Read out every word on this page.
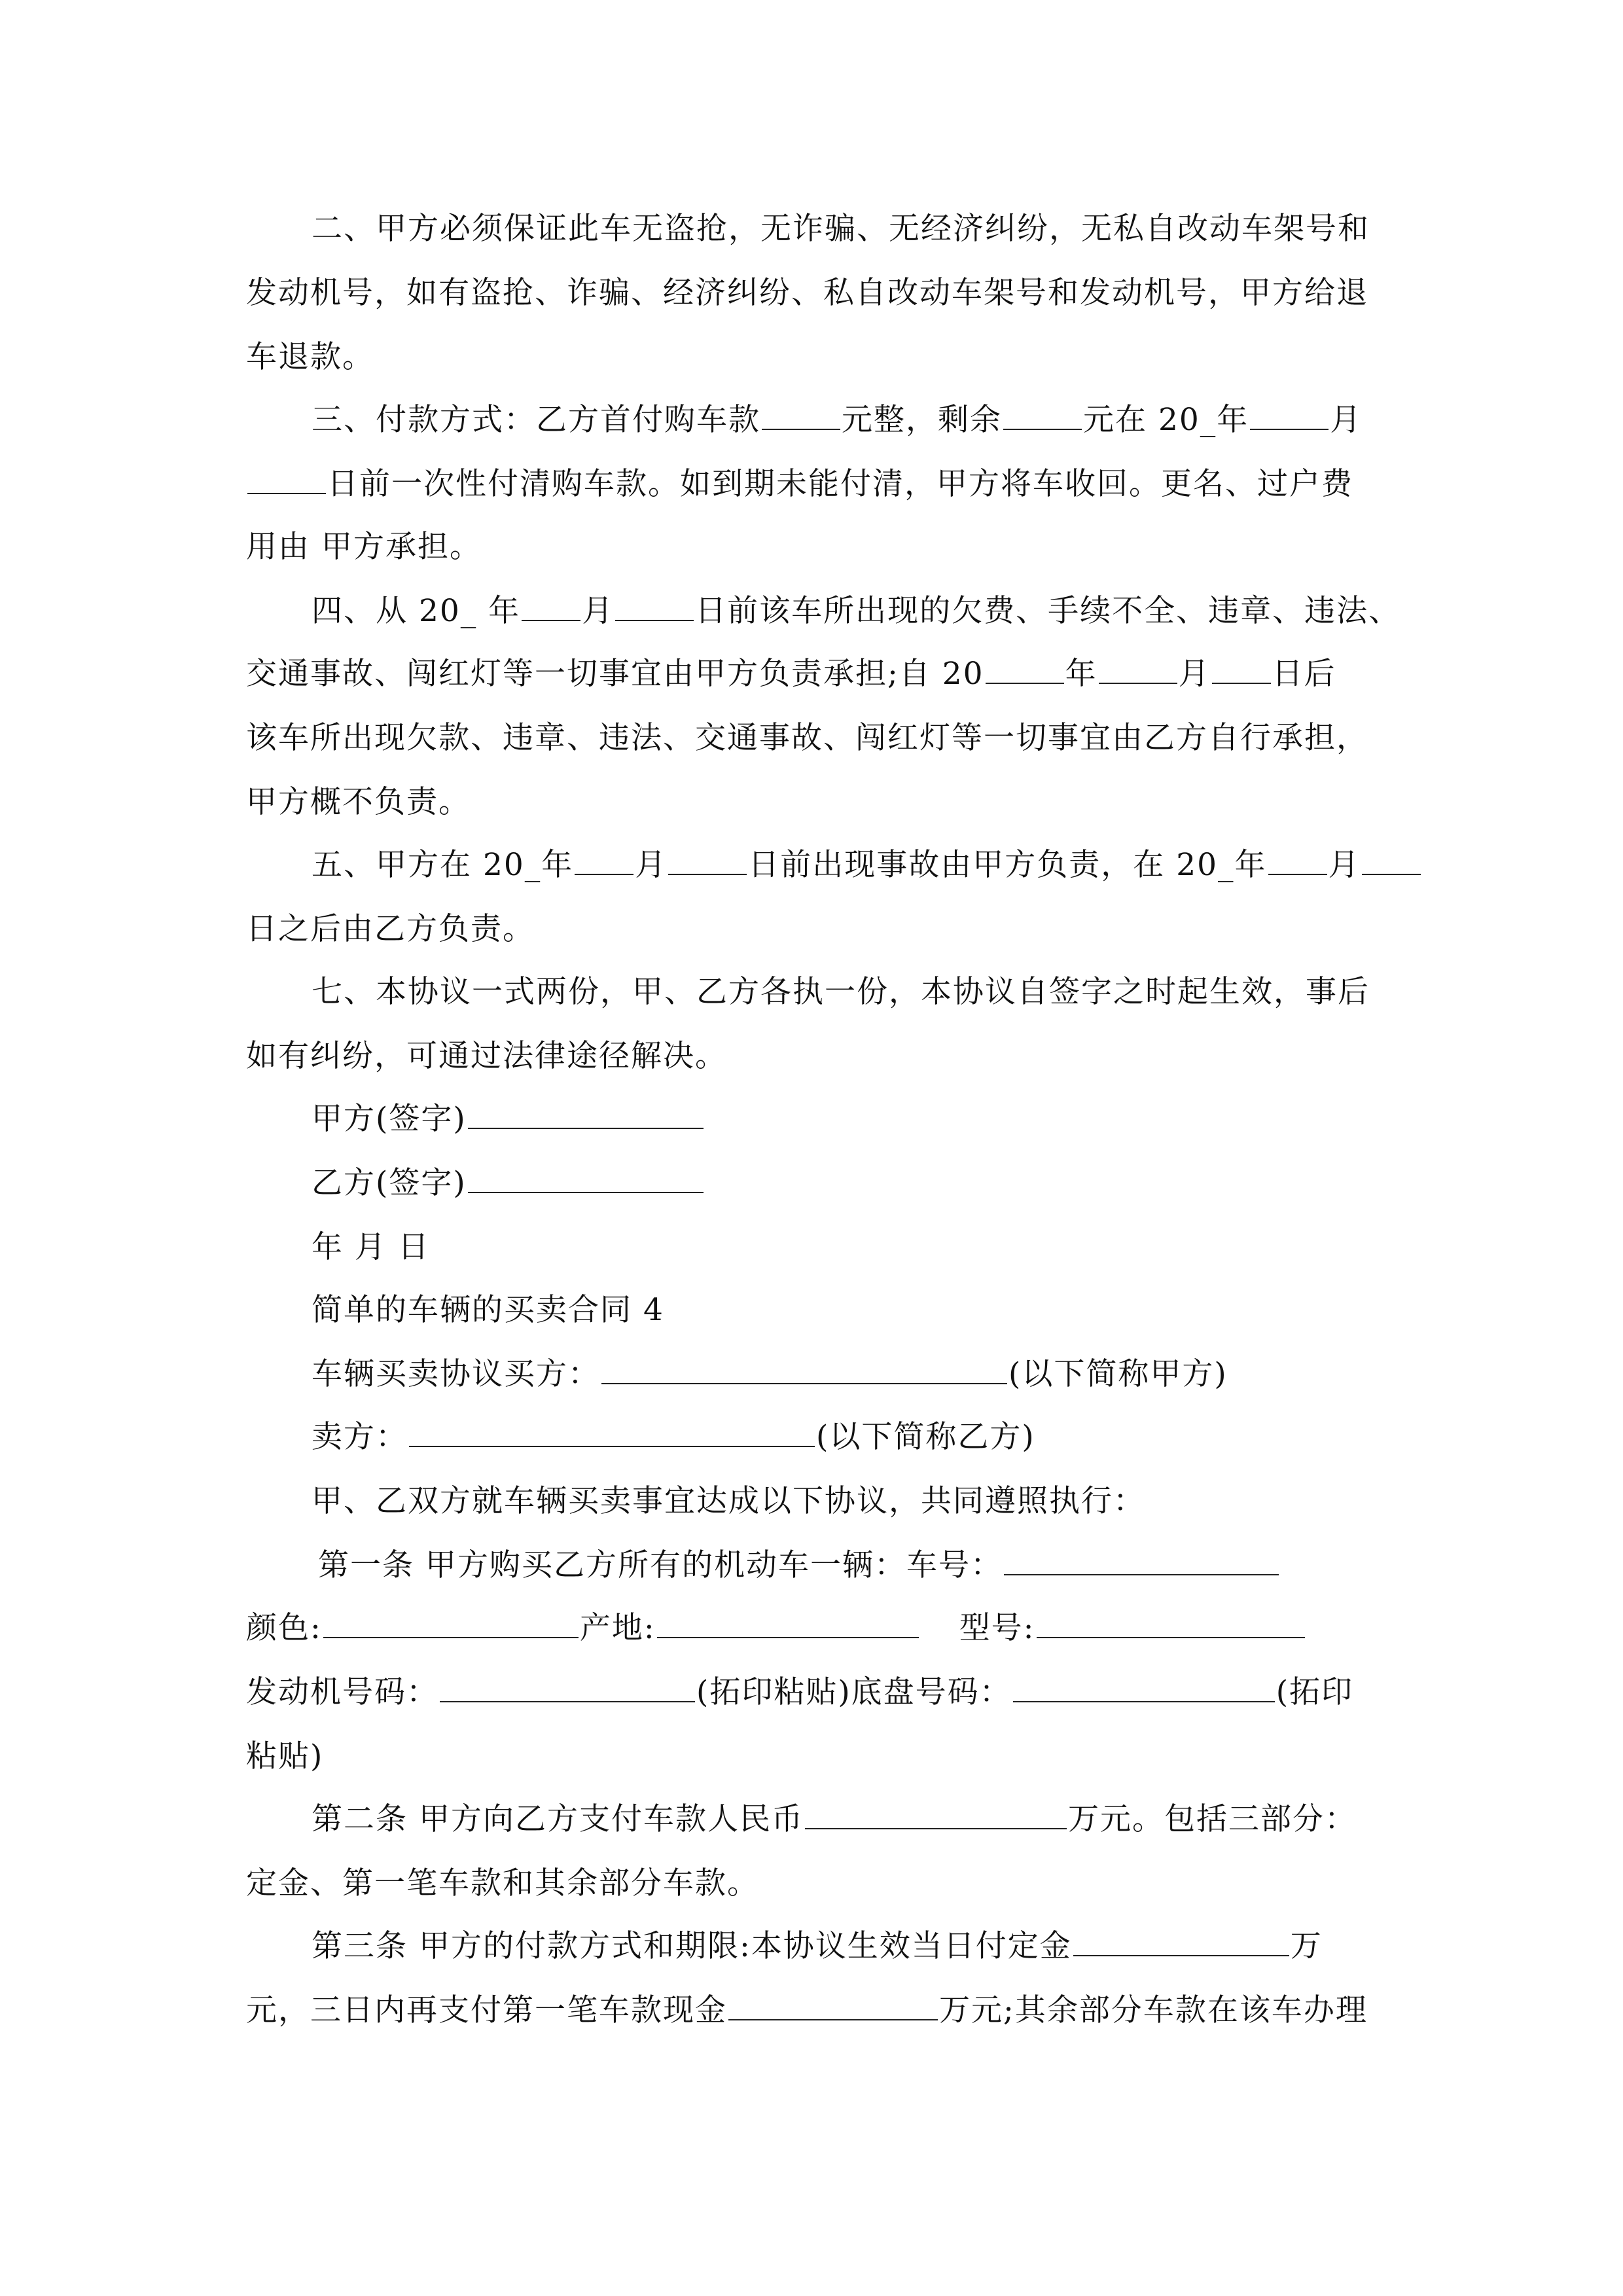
二、甲方必须保证此车无盗抢，无诈骗、无经济纠纷，无私自改动车架号和
发动机号，如有盗抢、诈骗、经济纠纷、私自改动车架号和发动机号，甲方给退
车退款。
三、付款方式：乙方首付购车款	元整，剩余	元在 20_年	月
日前一次性付清购车款。如到期未能付清，甲方将车收回。更名、过户费
用由 甲方承担。
四、从 20_ 年 月	日前该车所出现的欠费、手续不全、违章、违法、
交通事故、闯红灯等一切事宜由甲方负责承担;自 20	年	月 日后
该车所出现欠款、违章、违法、交通事故、闯红灯等一切事宜由乙方自行承担，
甲方概不负责。
五、甲方在 20_年 月	日前出现事故由甲方负责，在 20_年 月
日之后由乙方负责。
七、本协议一式两份，甲、乙方各执一份，本协议自签字之时起生效，事后
如有纠纷，可通过法律途径解决。
甲方(签字)
乙方(签字)
年 月 日
简单的车辆的买卖合同 4
车辆买卖协议买方：	(以下简称甲方)
卖方：	(以下简称乙方)
甲、乙双方就车辆买卖事宜达成以下协议，共同遵照执行：
第一条 甲方购买乙方所有的机动车一辆：车号：
颜色:	产地:	型号:
发动机号码：	(拓印粘贴)底盘号码：	(拓印
粘贴)
第二条 甲方向乙方支付车款人民币	万元。包括三部分：
定金、第一笔车款和其余部分车款。
第三条 甲方的付款方式和期限:本协议生效当日付定金	万
元，三日内再支付第一笔车款现金	万元;其余部分车款在该车办理
